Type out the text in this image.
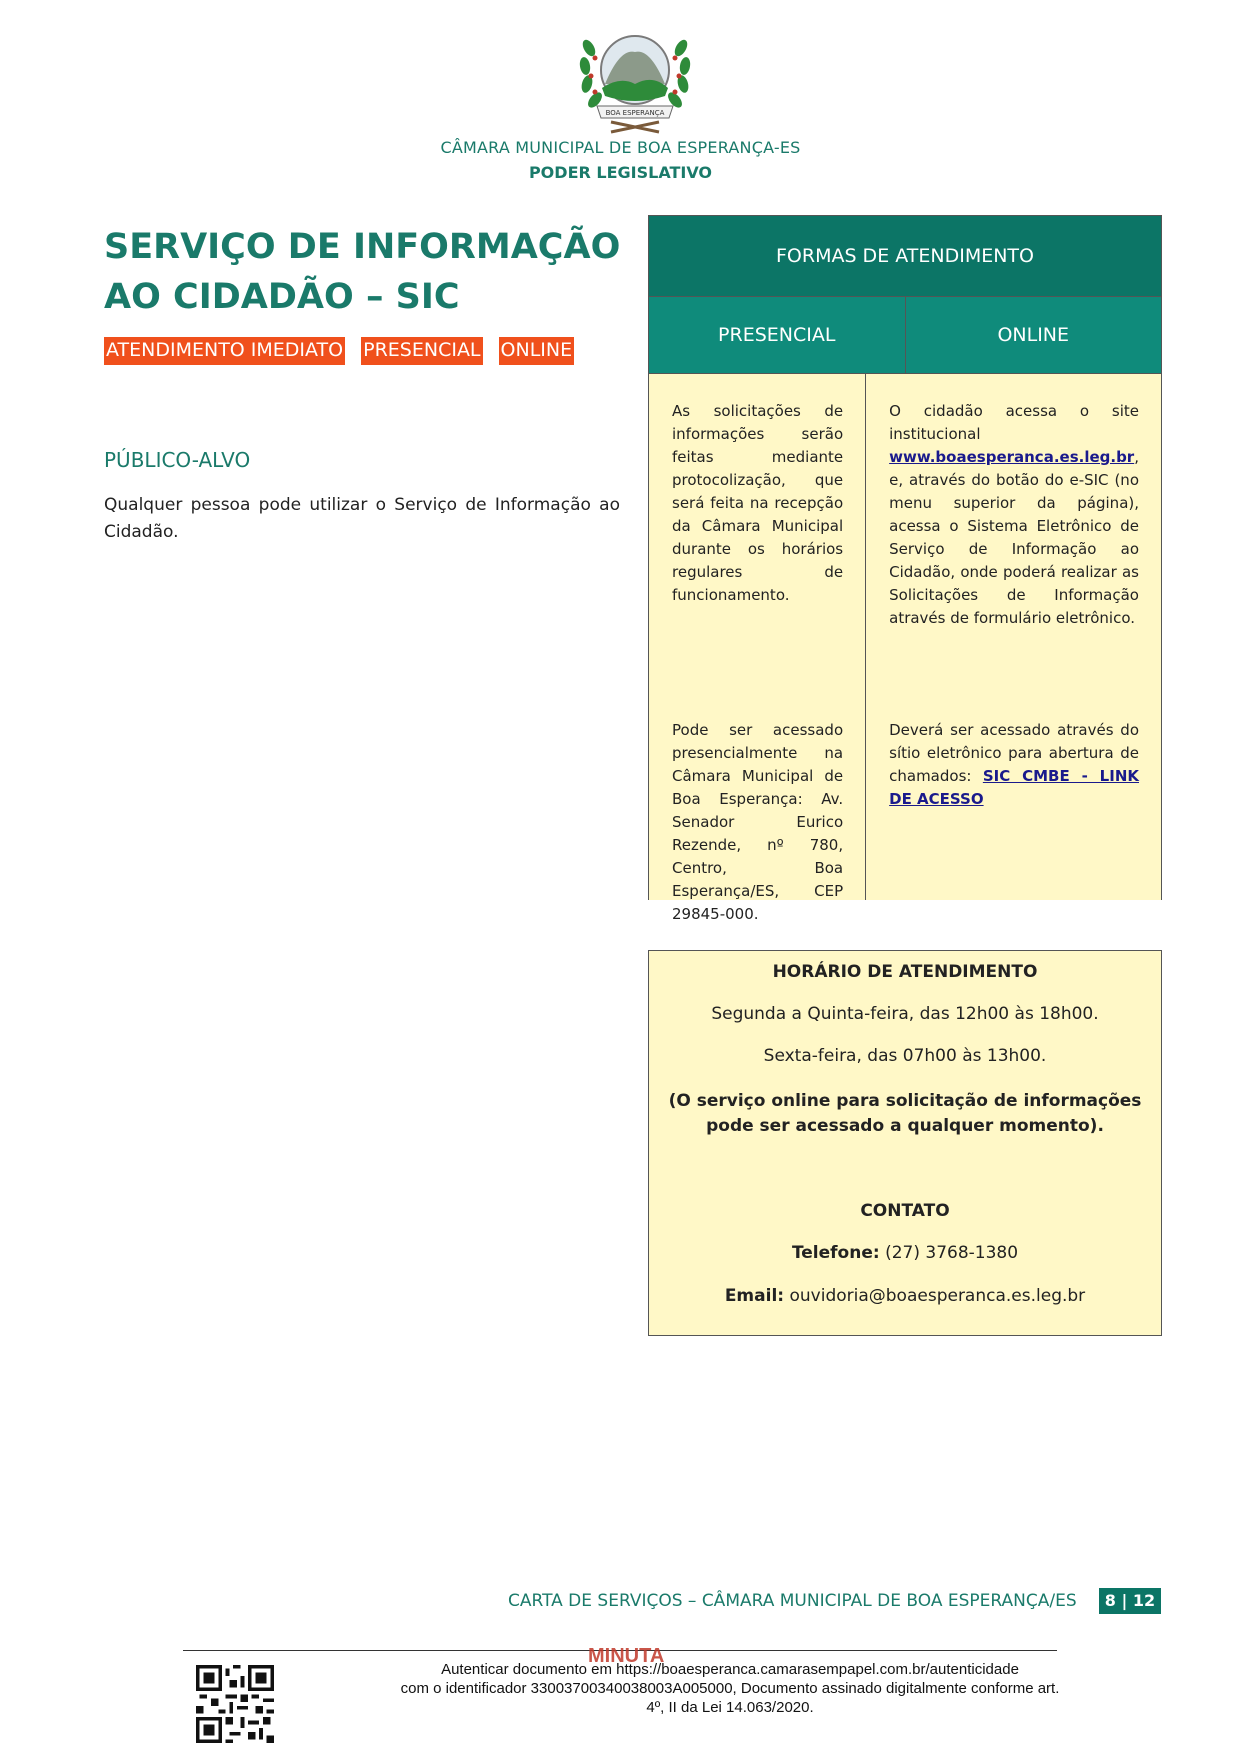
BOA ESPERANÇA
CÂMARA MUNICIPAL DE BOA ESPERANÇA-ES
PODER LEGISLATIVO
SERVIÇO DE INFORMAÇÃO
AO CIDADÃO – SIC
ATENDIMENTO IMEDIATO PRESENCIAL ONLINE
PÚBLICO-ALVO
Qualquer pessoa pode utilizar o Serviço de Informação ao Cidadão.
FORMAS DE ATENDIMENTO
PRESENCIAL	ONLINE

As solicitações de informações serão feitas mediante protocolização, que será feita na recepção da Câmara Municipal durante os horários regulares de funcionamento.

Pode ser acessado presencialmente na Câmara Municipal de Boa Esperança: Av. Senador Eurico Rezende, nº 780, Centro, Boa Esperança/ES, CEP 29845-000.

O cidadão acessa o site institucional www.boaesperanca.es.leg.br, e, através do botão do e-SIC (no menu superior da página), acessa o Sistema Eletrônico de Serviço de Informação ao Cidadão, onde poderá realizar as Solicitações de Informação através de formulário eletrônico.

Deverá ser acessado através do sítio eletrônico para abertura de chamados: SIC CMBE - LINK DE ACESSO

HORÁRIO DE ATENDIMENTO
Segunda a Quinta-feira, das 12h00 às 18h00.
Sexta-feira, das 07h00 às 13h00.
(O serviço online para solicitação de informações pode ser acessado a qualquer momento).
CONTATO
Telefone: (27) 3768-1380
Email: ouvidoria@boaesperanca.es.leg.br
CARTA DE SERVIÇOS – CÂMARA MUNICIPAL DE BOA ESPERANÇA/ES	8 | 12
MINUTA
Autenticar documento em https://boaesperanca.camarasempapel.com.br/autenticidade
com o identificador 33003700340038003A005000, Documento assinado digitalmente conforme art.
4º, II da Lei 14.063/2020.
